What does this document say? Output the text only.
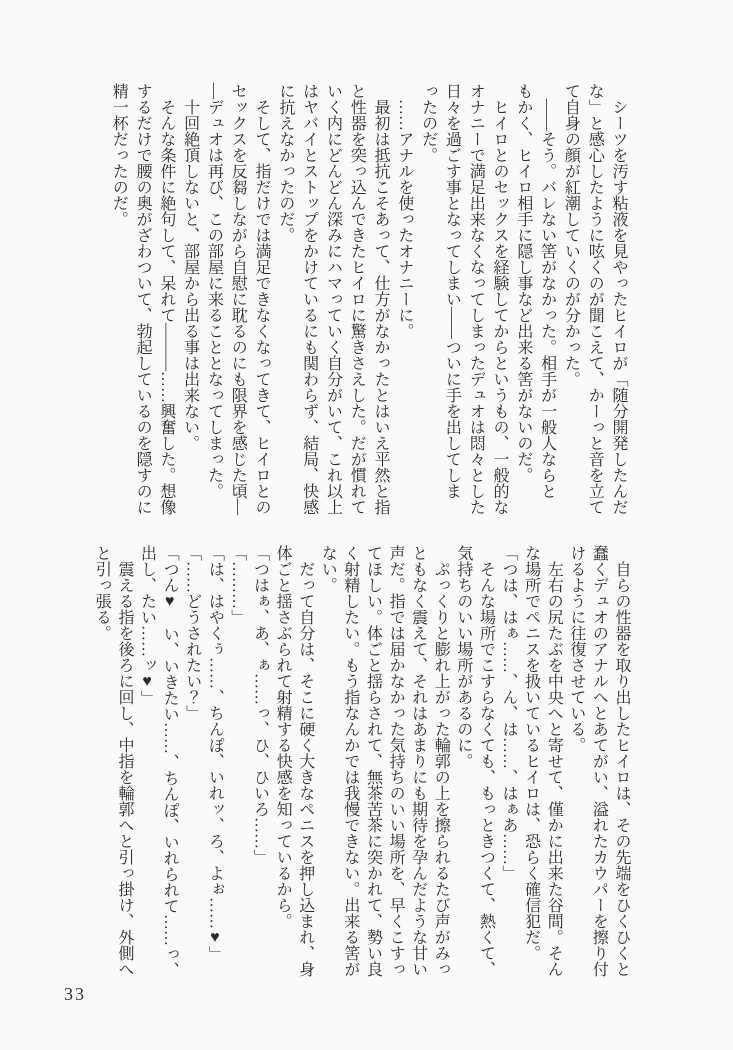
　シーツを汚す粘液を見やったヒイロが「随分開発したんだ
な」と感心したように呟くのが聞こえて、かーっと音を立て
て自身の顔が紅潮していくのが分かった。
　――そう。バレない筈がなかった。相手が一般人ならと
もかく、ヒイロ相手に隠し事など出来る筈がないのだ。
　ヒイロとのセックスを経験してからというもの、一般的な
オナニーで満足出来なくなってしまったデュオは悶々とした
日々を過ごす事となってしまい――ついに手を出してしま
ったのだ。
　……アナルを使ったオナニーに。
　最初は抵抗こそあって、仕方がなかったとはいえ平然と指
と性器を突っ込んできたヒイロに驚きさえした。だが慣れて
いく内にどんどん深みにハマっていく自分がいて、これ以上
はヤバイとストップをかけているにも関わらず、結局、快感
に抗えなかったのだ。
　そして、指だけでは満足できなくなってきて、ヒイロとの
セックスを反芻しながら自慰に耽るのにも限界を感じた頃―
―デュオは再び、この部屋に来ることとなってしまった。
　十回絶頂しないと、部屋から出る事は出来ない。
　そんな条件に絶句して、呆れて―――……興奮した。想像
するだけで腰の奥がざわついて、勃起しているのを隠すのに
精一杯だったのだ。
　自らの性器を取り出したヒイロは、その先端をひくひくと
蠢くデュオのアナルへとあてがい、溢れたカウパーを擦り付
けるように往復させている。
　左右の尻たぶを中央へと寄せて、僅かに出来た谷間。そん
な場所でペニスを扱いているヒイロは、恐らく確信犯だ。
「つは、はぁ……、ん、は……、はぁあ……」
　そんな場所でこすらなくても、もっときつくて、熱くて、
気持ちのいい場所があるのに。
　ぷっくりと膨れ上がった輪郭の上を擦られるたび声がみっ
ともなく震えて、それはあまりにも期待を孕んだような甘い
声だ。指では届かなかった気持ちのいい場所を、早くこすっ
てほしい。体ごと揺らされて、無茶苦茶に突かれて、勢い良
く射精したい。もう指なんかでは我慢できない。出来る筈が
ない。
　だって自分は、そこに硬く大きなペニスを押し込まれ、身
体ごと揺さぶられて射精する快感を知っているから。
「つはぁ、あ、ぁ……っ、ひ、ひいろ……」
「………」
「は、はやくぅ……、ちんぽ、いれッ、ろ、よぉ……♥」
「……どうされたい？」
「つん♥　い、いきたい……、ちんぽ、いれられて……っ、
出し、たい……ッ♥」
　震える指を後ろに回し、中指を輪郭へと引っ掛け、外側へ
と引っ張る。
33
